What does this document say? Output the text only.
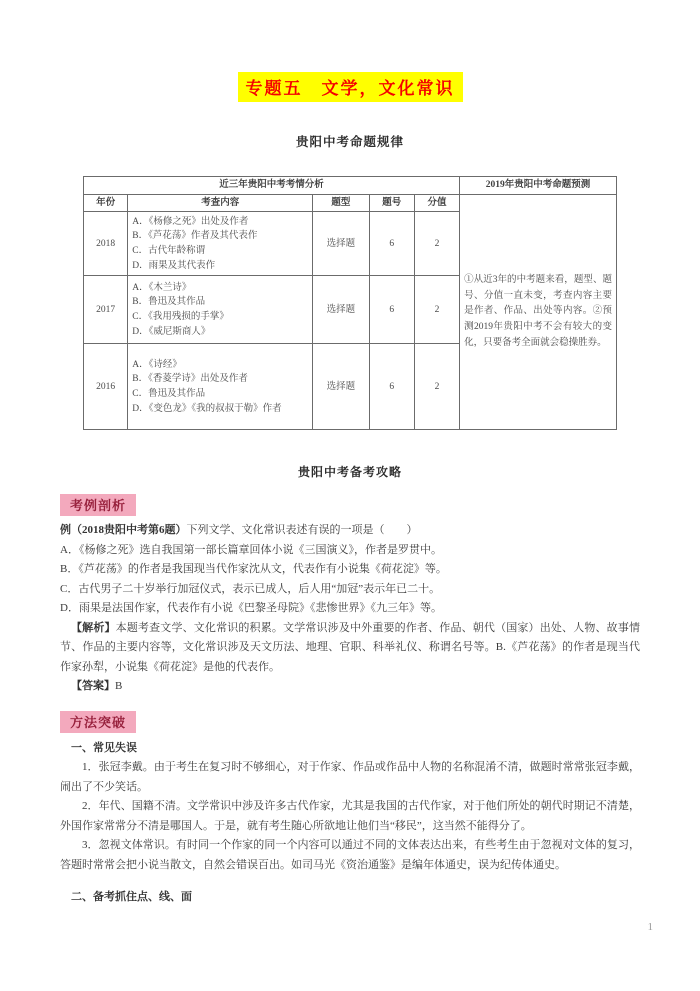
专题五　文学，文化常识
贵阳中考命题规律
近三年贵阳中考考情分析					2019年贵阳中考命题预测
年份	考查内容	题型	题号	分值	①从近3年的中考题来看，题型、题号、分值一直未变，考查内容主要是作者、作品、出处等内容。②预测2019年贵阳中考不会有较大的变化，只要备考全面就会稳操胜券。
2018	A．《杨修之死》出处及作者
B．《芦花荡》作者及其代表作
C．古代年龄称谓
D．雨果及其代表作	选择题	6	2	
2017	A．《木兰诗》
B．鲁迅及其作品
C．《我用残损的手掌》
D．《威尼斯商人》	选择题	6	2	
2016	A．《诗经》
B．《香菱学诗》出处及作者
C．鲁迅及其作品
D．《变色龙》《我的叔叔于勒》作者	选择题	6	2	
贵阳中考备考攻略
考例剖析

例（2018贵阳中考第6题）下列文学、文化常识表述有误的一项是（　　）

A．《杨修之死》选自我国第一部长篇章回体小说《三国演义》，作者是罗贯中。

B．《芦花荡》的作者是我国现当代作家沈从文，代表作有小说集《荷花淀》等。

C．古代男子二十岁举行加冠仪式，表示已成人，后人用“加冠”表示年已二十。

D．雨果是法国作家，代表作有小说《巴黎圣母院》《悲惨世界》《九三年》等。

【解析】本题考查文学、文化常识的积累。文学常识涉及中外重要的作者、作品、朝代（国家）出处、人物、故事情节、作品的主要内容等，文化常识涉及天文历法、地理、官职、科举礼仪、称谓名号等。B.《芦花荡》的作者是现当代作家孙犁，小说集《荷花淀》是他的代表作。

【答案】B

方法突破

一、常见失误

1．张冠李戴。由于考生在复习时不够细心，对于作家、作品或作品中人物的名称混淆不清，做题时常常张冠李戴，闹出了不少笑话。

2．年代、国籍不清。文学常识中涉及许多古代作家，尤其是我国的古代作家，对于他们所处的朝代时期记不清楚，外国作家常常分不清是哪国人。于是，就有考生随心所欲地让他们当“移民”，这当然不能得分了。

3．忽视文体常识。有时同一个作家的同一个内容可以通过不同的文体表达出来，有些考生由于忽视对文体的复习，答题时常常会把小说当散文，自然会错误百出。如司马光《资治通鉴》是编年体通史，误为纪传体通史。

二、备考抓住点、线、面

1
